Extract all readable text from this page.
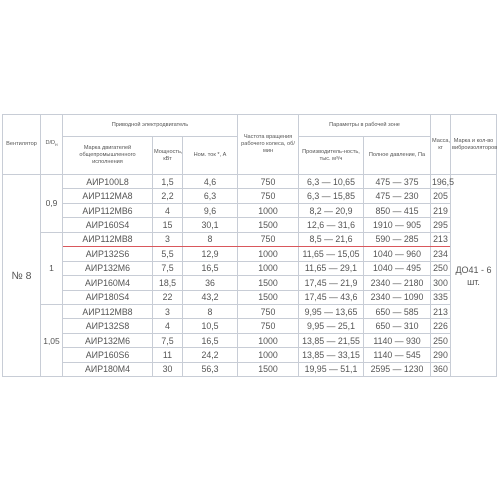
Вентилятор	$D/D_н$	Приводной электродвигатель			Частота вращения рабочего колеса, об/мин	Параметры в рабочей зоне		Масса, кг	Марка и кол-во виброизоляторов
		Марка двигателей общепромышленного исполнения	Мощность, кВт	Ном. ток *, А		Производитель-ность, тыс. м³/ч	Полное давление, Па		
№ 8	0,9	АИР100L8	1,5	4,6	750	6,3 — 10,65	475 — 375	196,5	ДО41 - 6 шт.
		АИР112МА8	2,2	6,3	750	6,3 — 15,85	475 — 230	205	
		АИР112МВ6	4	9,6	1000	8,2 — 20,9	850 — 415	219	
		АИР160S4	15	30,1	1500	12,6 — 31,6	1910 — 905	295	
	1	АИР112МВ8	3	8	750	8,5 — 21,6	590 — 285	213	
		АИР132S6	5,5	12,9	1000	11,65 — 15,05	1040 — 960	234	
		АИР132М6	7,5	16,5	1000	11,65 — 29,1	1040 — 495	250	
		АИР160М4	18,5	36	1500	17,45 — 21,9	2340 — 2180	300	
		АИР180S4	22	43,2	1500	17,45 — 43,6	2340 — 1090	335	
	1,05	АИР112МВ8	3	8	750	9,95 — 13,65	650 — 585	213	
		АИР132S8	4	10,5	750	9,95 — 25,1	650 — 310	226	
		АИР132М6	7,5	16,5	1000	13,85 — 21,55	1140 — 930	250	
		АИР160S6	11	24,2	1000	13,85 — 33,15	1140 — 545	290	
		АИР180М4	30	56,3	1500	19,95 — 51,1	2595 — 1230	360	
